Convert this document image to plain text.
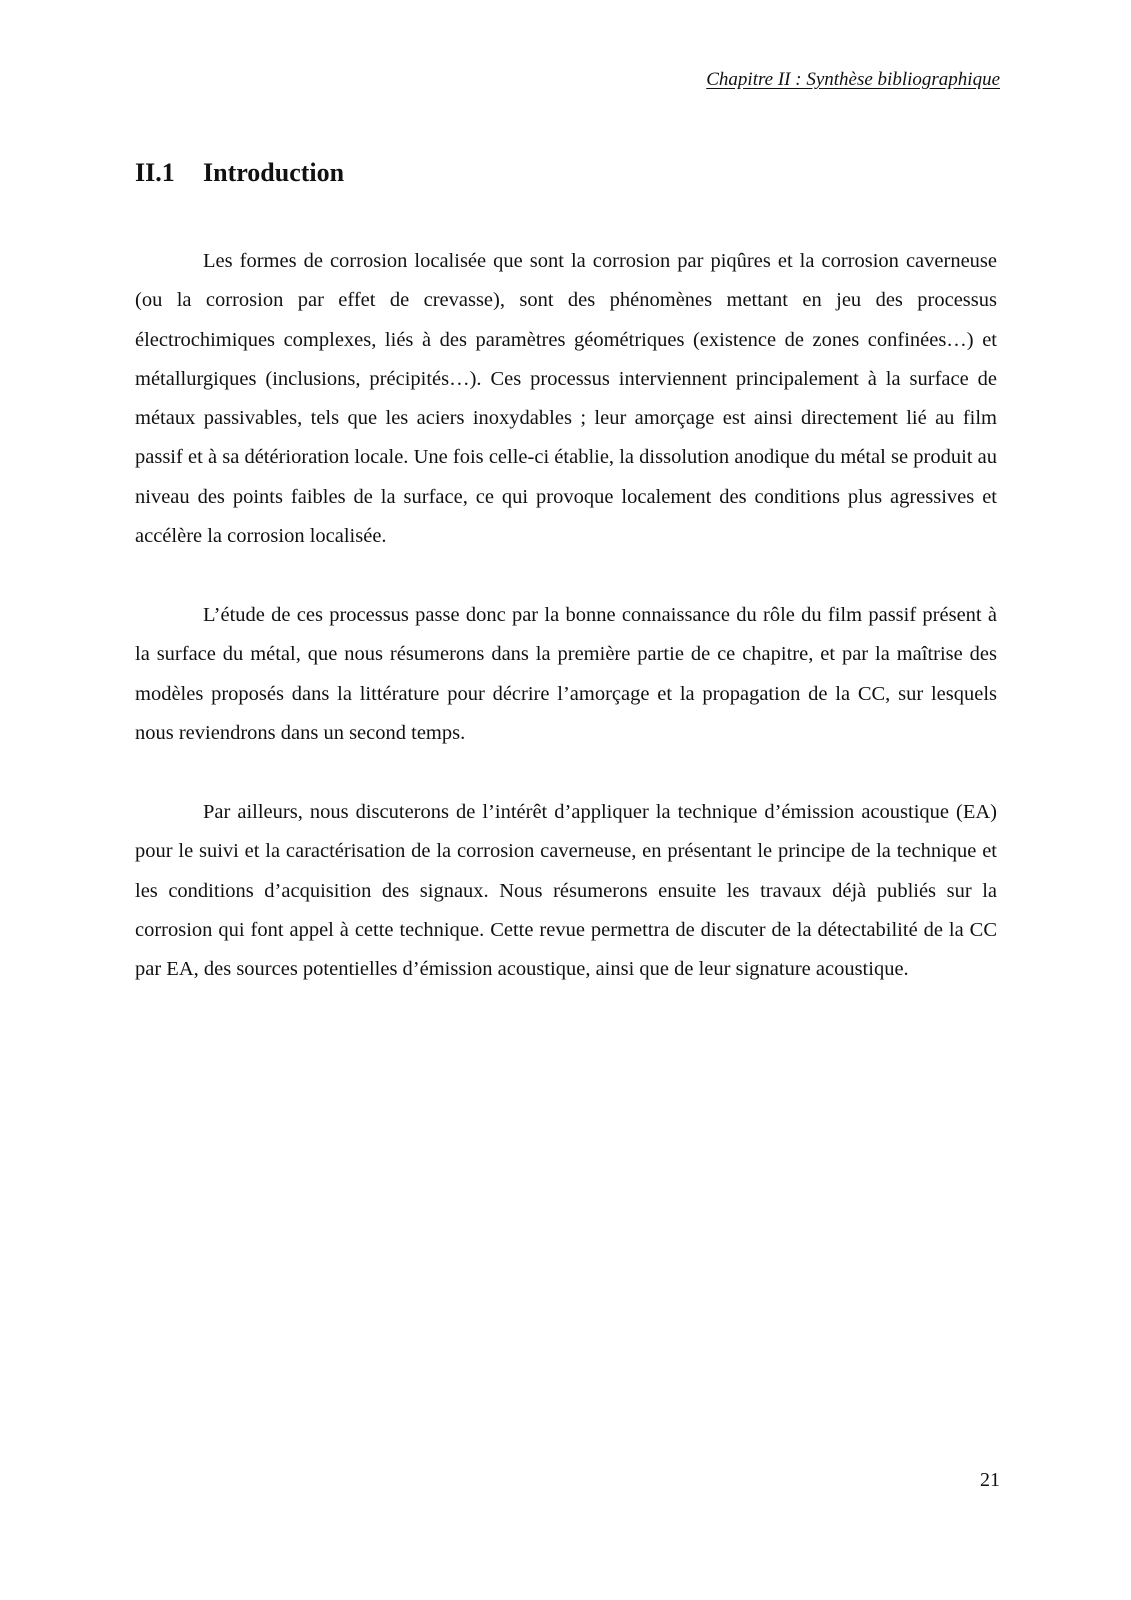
Chapitre II : Synthèse bibliographique
II.1 Introduction

Les formes de corrosion localisée que sont la corrosion par piqûres et la corrosion caverneuse (ou la corrosion par effet de crevasse), sont des phénomènes mettant en jeu des processus électrochimiques complexes, liés à des paramètres géométriques (existence de zones confinées…) et métallurgiques (inclusions, précipités…). Ces processus interviennent principalement à la surface de métaux passivables, tels que les aciers inoxydables ; leur amorçage est ainsi directement lié au film passif et à sa détérioration locale. Une fois celle-ci établie, la dissolution anodique du métal se produit au niveau des points faibles de la surface, ce qui provoque localement des conditions plus agressives et accélère la corrosion localisée.

L’étude de ces processus passe donc par la bonne connaissance du rôle du film passif présent à la surface du métal, que nous résumerons dans la première partie de ce chapitre, et par la maîtrise des modèles proposés dans la littérature pour décrire l’amorçage et la propagation de la CC, sur lesquels nous reviendrons dans un second temps.

Par ailleurs, nous discuterons de l’intérêt d’appliquer la technique d’émission acoustique (EA) pour le suivi et la caractérisation de la corrosion caverneuse, en présentant le principe de la technique et les conditions d’acquisition des signaux. Nous résumerons ensuite les travaux déjà publiés sur la corrosion qui font appel à cette technique. Cette revue permettra de discuter de la détectabilité de la CC par EA, des sources potentielles d’émission acoustique, ainsi que de leur signature acoustique.

21
